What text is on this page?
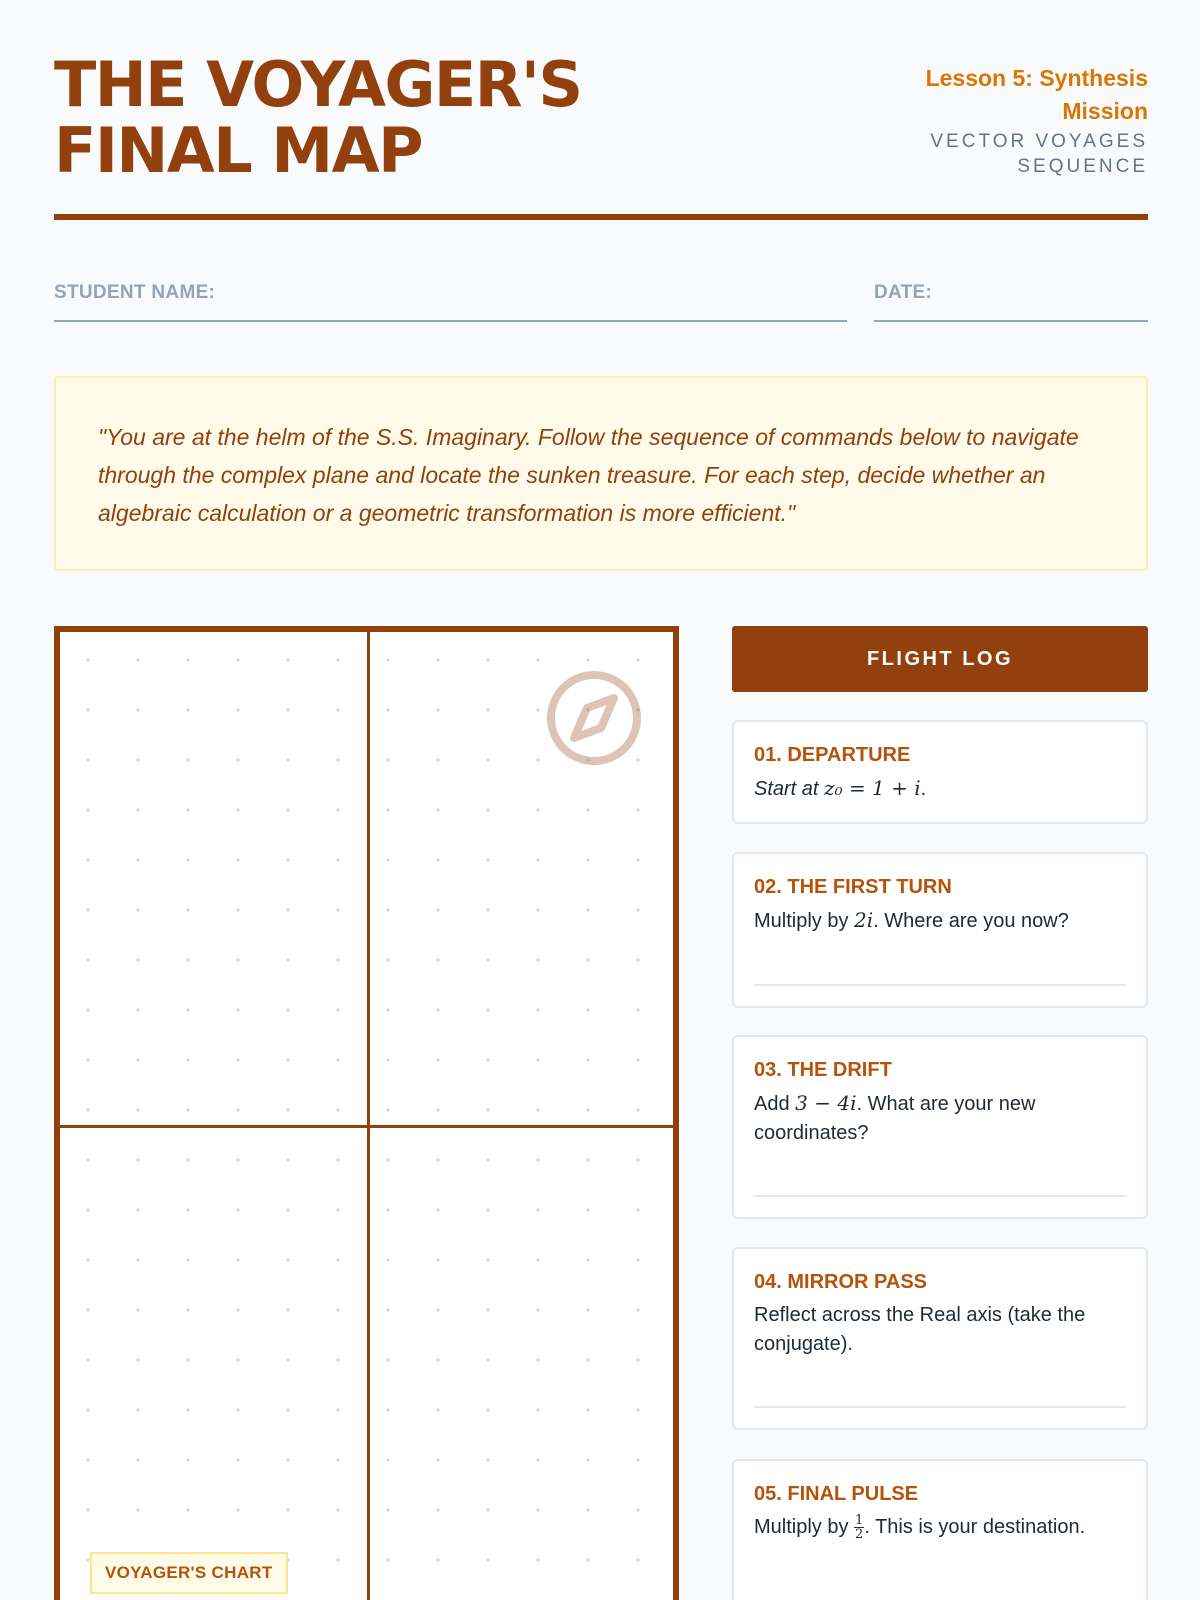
THE VOYAGER'S FINAL MAP
Lesson 5: Synthesis Mission
VECTOR VOYAGES SEQUENCE
STUDENT NAME:	DATE:

"You are at the helm of the S.S. Imaginary. Follow the sequence of commands below to navigate through the complex plane and locate the sunken treasure. For each step, decide whether an algebraic calculation or a geometric transformation is more efficient."

VOYAGER'S CHART
FLIGHT LOG
01. DEPARTURE
Start at z₀ = 1 + i.
02. THE FIRST TURN
Multiply by 2i. Where are you now?
03. THE DRIFT
Add 3 − 4i. What are your new coordinates?
04. MIRROR PASS
Reflect across the Real axis (take the conjugate).
05. FINAL PULSE
Multiply by $\frac{1}{2}$ . This is your destination.
